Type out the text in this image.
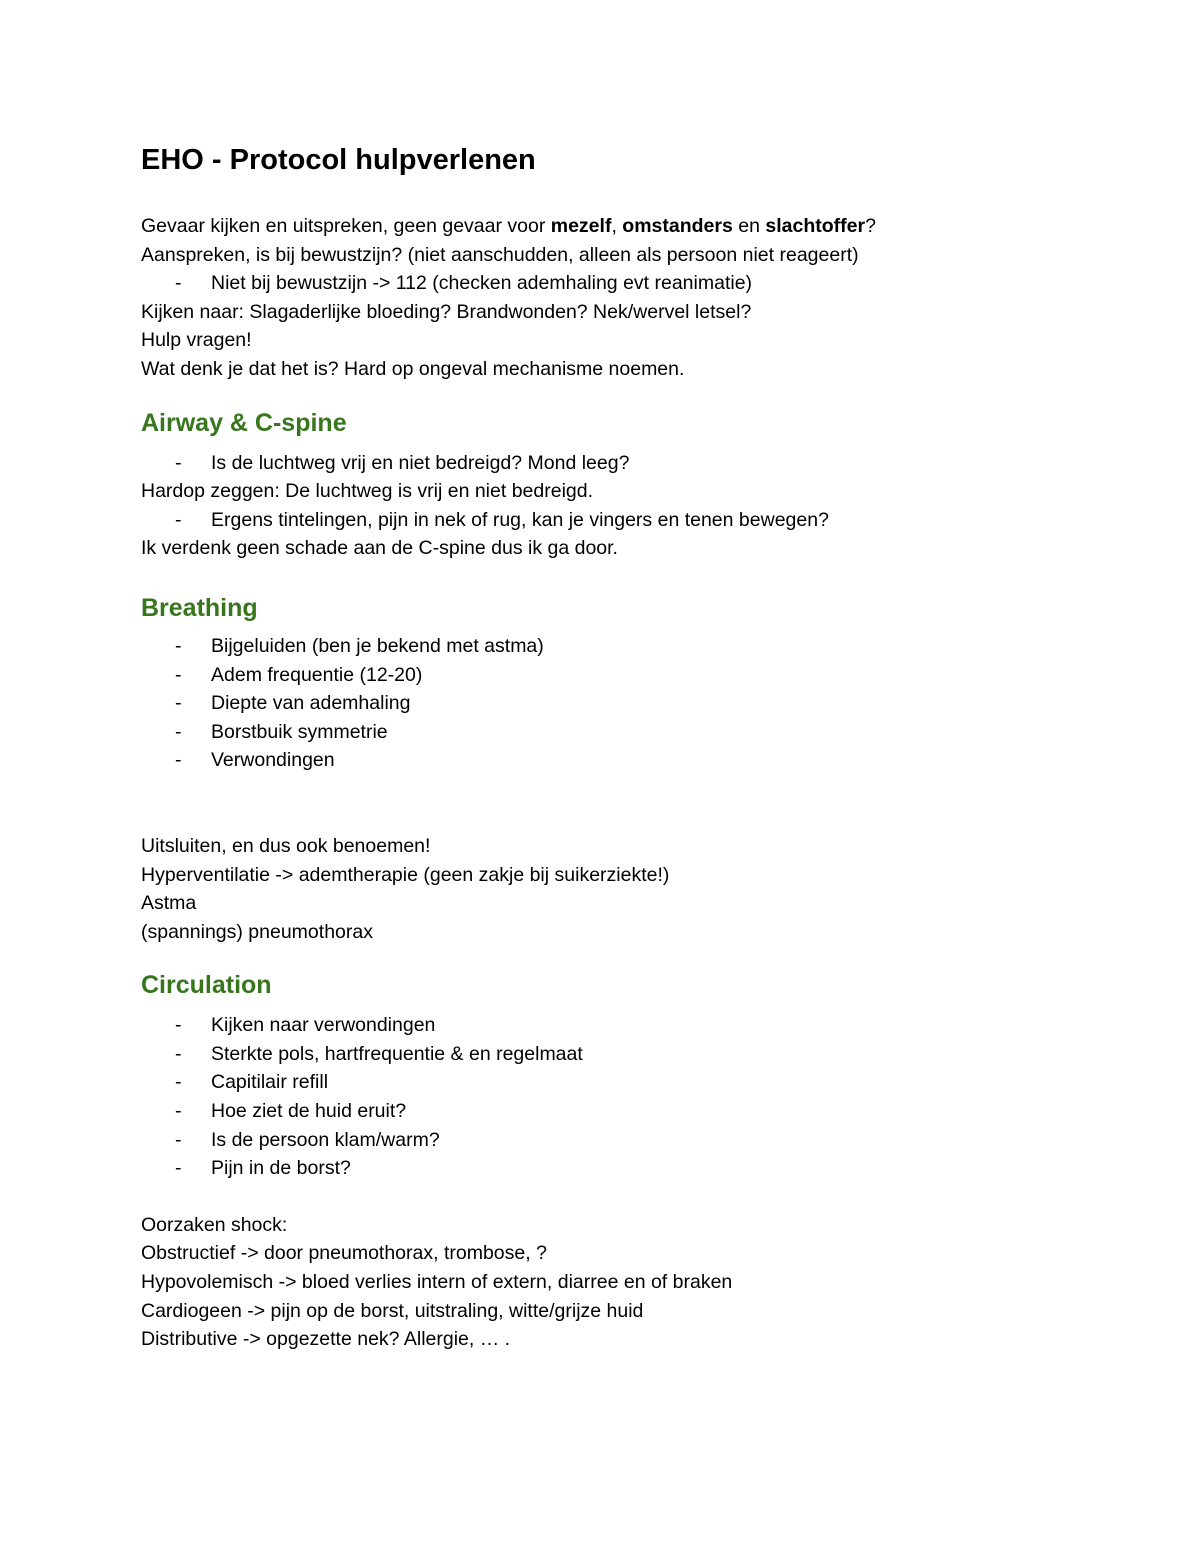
EHO - Protocol hulpverlenen

Gevaar kijken en uitspreken, geen gevaar voor mezelf, omstanders en slachtoffer?

Aanspreken, is bij bewustzijn? (niet aanschudden, alleen als persoon niet reageert)

- Niet bij bewustzijn -> 112 (checken ademhaling evt reanimatie)

Kijken naar: Slagaderlijke bloeding? Brandwonden? Nek/wervel letsel?

Hulp vragen!

Wat denk je dat het is? Hard op ongeval mechanisme noemen.

Airway & C-spine

- Is de luchtweg vrij en niet bedreigd? Mond leeg?

Hardop zeggen: De luchtweg is vrij en niet bedreigd.

- Ergens tintelingen, pijn in nek of rug, kan je vingers en tenen bewegen?

Ik verdenk geen schade aan de C-spine dus ik ga door.

Breathing

- Bijgeluiden (ben je bekend met astma)

- Adem frequentie (12-20)

- Diepte van ademhaling

- Borstbuik symmetrie

- Verwondingen

Uitsluiten, en dus ook benoemen!

Hyperventilatie -> ademtherapie (geen zakje bij suikerziekte!)

Astma

(spannings) pneumothorax

Circulation

- Kijken naar verwondingen

- Sterkte pols, hartfrequentie & en regelmaat

- Capitilair refill

- Hoe ziet de huid eruit?

- Is de persoon klam/warm?

- Pijn in de borst?

Oorzaken shock:

Obstructief -> door pneumothorax, trombose, ?

Hypovolemisch -> bloed verlies intern of extern, diarree en of braken

Cardiogeen -> pijn op de borst, uitstraling, witte/grijze huid

Distributive -> opgezette nek? Allergie, … .
